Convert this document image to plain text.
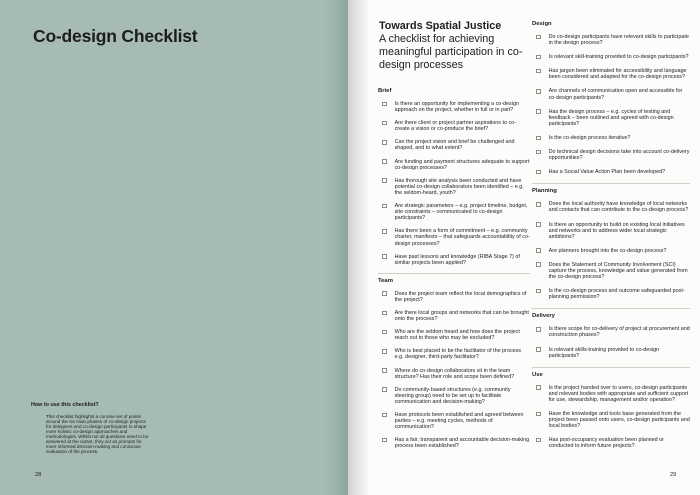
Co-design Checklist
How to use this checklist?

This checklist highlights a concise set of points around the six main phases of co-design projects for designers and co-design participants to shape more holistic co-design approaches and methodologies. Whilst not all questions need to be answered at the outset, they act as prompts for more informed decision-making and conscious evaluation of the process.

28
Towards Spatial Justice

A checklist for achieving meaningful participation in co-design processes

Brief
Is there an opportunity for implementing a co-design approach on the project, whether in full or in part?
Are there client or project partner aspirations to co-create a vision or co-produce the brief?
Can the project vision and brief be challenged and shaped, and to what extent?
Are funding and payment structures adequate to support co-design processes?
Has thorough site analysis been conducted and have potential co-design collaborators been identified – e.g. the seldom-heard, youth?
Are strategic parameters – e.g. project timeline, budget, site constraints – communicated to co-design participants?
Has there been a form of commitment – e.g. community charter, manifesto – that safeguards accountability of co-design processes?
Have past lessons and knowledge (RIBA Stage 7) of similar projects been applied?
Team
Does the project team reflect the local demographics of the project?
Are there local groups and networks that can be brought onto the process?
Who are the seldom heard and how does the project reach out to those who may be excluded?
Who is best placed to be the facilitator of the process e.g. designer, third-party facilitator?
Where do co-design collaborators sit in the team structure? Has their role and scope been defined?
Do community-based structures (e.g. community steering group) need to be set up to facilitate communication and decision-making?
Have protocols been established and agreed between parties – e.g. meeting cycles, methods of communication?
Has a fair, transparent and accountable decision-making process been established?
Design
Do co-design participants have relevant skills to participate in the design process?
Is relevant skill-training provided to co-design participants?
Has jargon been eliminated for accessibility and language been considered and adapted for the co-design process?
Are channels of communication open and accessible for co-design participants?
Has the design process – e.g. cycles of testing and feedback – been outlined and agreed with co-design participants?
Is the co-design process iterative?
Do technical design decisions take into account co-delivery opportunities?
Has a Social Value Action Plan been developed?
Planning
Does the local authority have knowledge of local networks and contacts that can contribute to the co-design process?
Is there an opportunity to build on existing local initiatives and networks and to address wider local strategic ambitions?
Are planners brought into the co-design process?
Does the Statement of Community Involvement (SCI) capture the process, knowledge and value generated from the co-design process?
Is the co-design process and outcome safeguarded post-planning permission?
Delivery
Is there scope for co-delivery of project at procurement and construction phases?
Is relevant skills-training provided to co-design participants?
Use
Is the project handed over to users, co-design participants and relevant bodies with appropriate and sufficient support for use, stewardship, management and/or operation?
Have the knowledge and tools base generated from the project been passed onto users, co-design participants and local bodies?
Has post-occupancy evaluation been planned or conducted to inform future projects?
29
